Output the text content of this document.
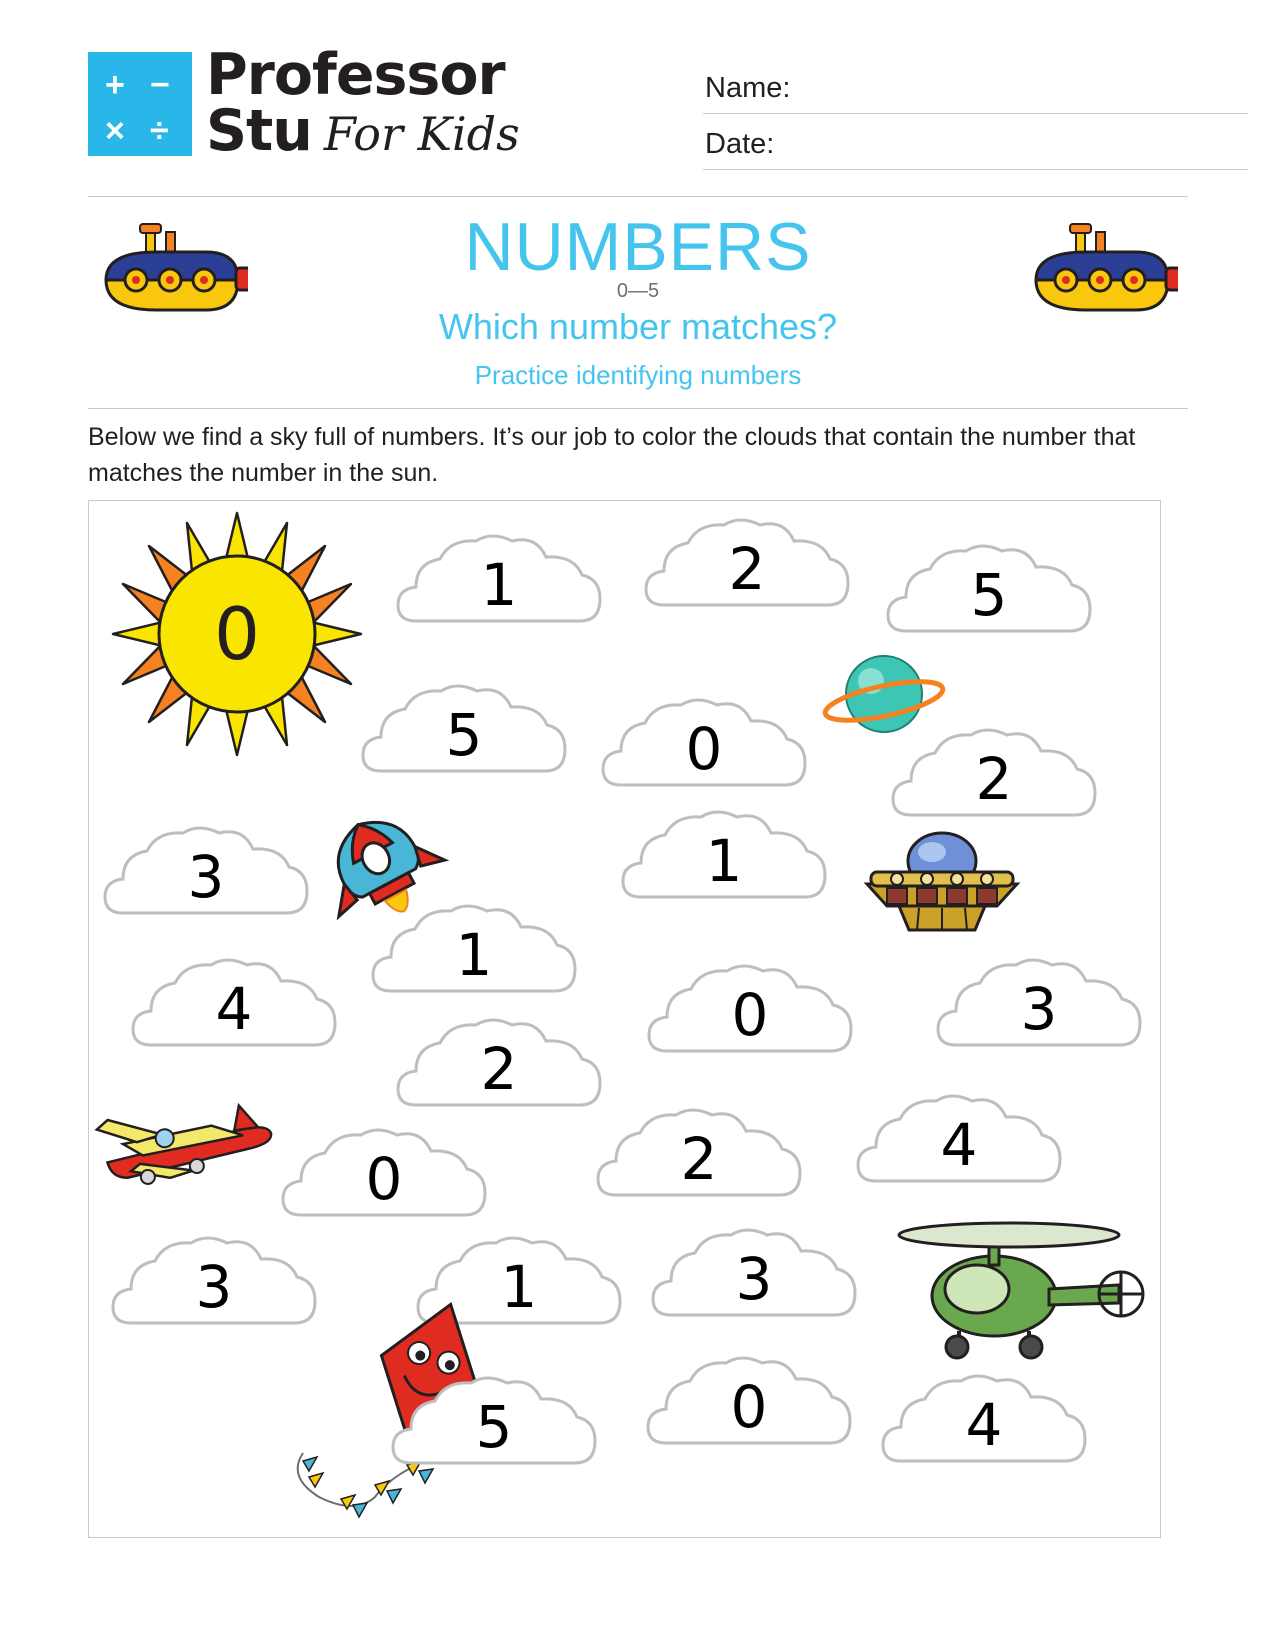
+ −
× ÷
Professor
Stu For Kids
Name:
Date:
NUMBERS
0—5
Which number matches?
Practice identifying numbers
Below we find a sky full of numbers. It’s our job to color the clouds that contain the number that matches the number in the sun.
0
1	2	5
5	0	2
3	1
1
4	0	3
2
0	2	4
3	1	3
5	0	4
